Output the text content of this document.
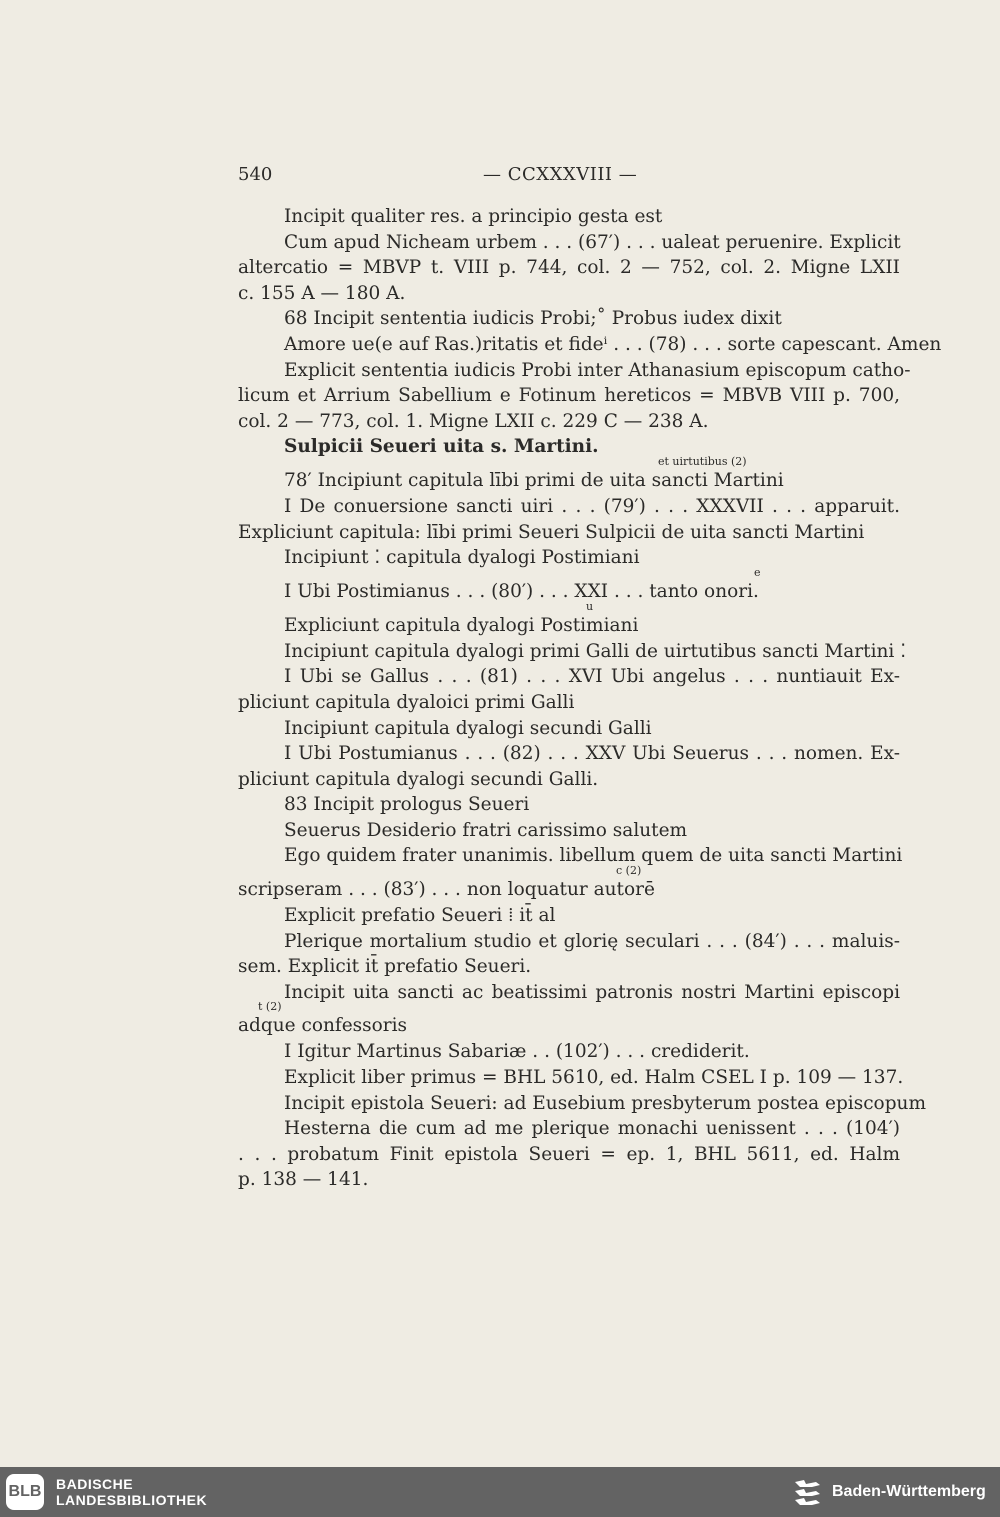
540	— CCXXXVIII —
Incipit qualiter res. a principio gesta est
Cum apud Nicheam urbem . . . (67′) . . . ualeat peruenire. Explicit
altercatio = MBVP t. VIII p. 744, col. 2 — 752, col. 2. Migne LXII
c. 155 A — 180 A.
68 Incipit sententia iudicis Probi;˚ Probus iudex dixit
Amore ue(e auf Ras.)ritatis et fideⁱ . . . (78) . . . sorte capescant. Amen
Explicit sententia iudicis Probi inter Athanasium episcopum catho-
licum et Arrium Sabellium e Fotinum hereticos = MBVB VIII p. 700,
col. 2 — 773, col. 1. Migne LXII c. 229 C — 238 A.
Sulpicii Seueri uita s. Martini.
et uirtutibus (2)
78′ Incipiunt capitula lībi primi de uita sancti Martini
I De conuersione sancti uiri . . . (79′) . . . XXXVII . . . apparuit.
Expliciunt capitula: lībi primi Seueri Sulpicii de uita sancti Martini
Incipiunt ⁚ capitula dyalogi Postimiani
e
I Ubi Postimianus . . . (80′) . . . XXI . . . tanto onori.
u
Expliciunt capitula dyalogi Postimiani
Incipiunt capitula dyalogi primi Galli de uirtutibus sancti Martini ⁚
I Ubi se Gallus . . . (81) . . . XVI Ubi angelus . . . nuntiauit Ex-
pliciunt capitula dyaloici primi Galli
Incipiunt capitula dyalogi secundi Galli
I Ubi Postumianus . . . (82) . . . XXV Ubi Seuerus . . . nomen. Ex-
pliciunt capitula dyalogi secundi Galli.
83 Incipit prologus Seueri
Seuerus Desiderio fratri carissimo salutem
Ego quidem frater unanimis. libellum quem de uita sancti Martini
c (2)
scripseram . . . (83′) . . . non loquatur autorē
Explicit prefatio Seueri ⁞ it̄ al
Plerique mortalium studio et glorię seculari . . . (84′) . . . maluis-
sem. Explicit it̄ prefatio Seueri.
Incipit uita sancti ac beatissimi patronis nostri Martini episcopi
t (2)
adque confessoris
I Igitur Martinus Sabariæ . . (102′) . . . crediderit.
Explicit liber primus = BHL 5610, ed. Halm CSEL I p. 109 — 137.
Incipit epistola Seueri: ad Eusebium presbyterum postea episcopum
Hesterna die cum ad me plerique monachi uenissent . . . (104′)
. . . probatum Finit epistola Seueri = ep. 1, BHL 5611, ed. Halm
p. 138 — 141.
BLB BADISCHE
LANDESBIBLIOTHEK	Baden-Württemberg
